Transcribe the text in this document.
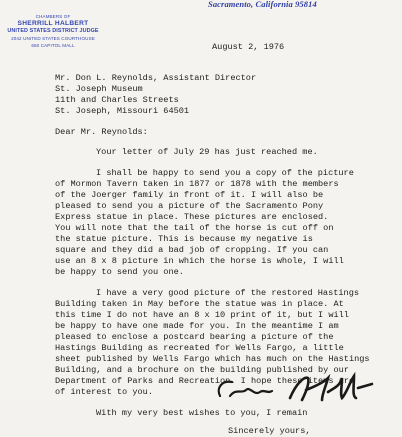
Sacramento, California 95814
CHAMBERS OF
SHERRILL HALBERT
UNITED STATES DISTRICT JUDGE
2042 UNITED STATES COURTHOUSE
650 CAPITOL MALL	August 2, 1976
Mr. Don L. Reynolds, Assistant Director
St. Joseph Museum
11th and Charles Streets
St. Joseph, Missouri 64501
Dear Mr. Reynolds:
Your letter of July 29 has just reached me.
I shall be happy to send you a copy of the picture
of Mormon Tavern taken in 1877 or 1878 with the members
of the Joerger family in front of it. I will also be
pleased to send you a picture of the Sacramento Pony
Express statue in place. These pictures are enclosed.
You will note that the tail of the horse is cut off on
the statue picture. This is because my negative is
square and they did a bad job of cropping. If you can
use an 8 x 8 picture in which the horse is whole, I will
be happy to send you one.
I have a very good picture of the restored Hastings
Building taken in May before the statue was in place. At
this time I do not have an 8 x 10 print of it, but I will
be happy to have one made for you. In the meantime I am
pleased to enclose a postcard bearing a picture of the
Hastings Building as recreated for Wells Fargo, a little
sheet published by Wells Fargo which has much on the Hastings
Building, and a brochure on the building published by our
Department of Parks and Recreation. I hope these items are
of interest to you.
With my very best wishes to you, I remain
Sincerely yours,
